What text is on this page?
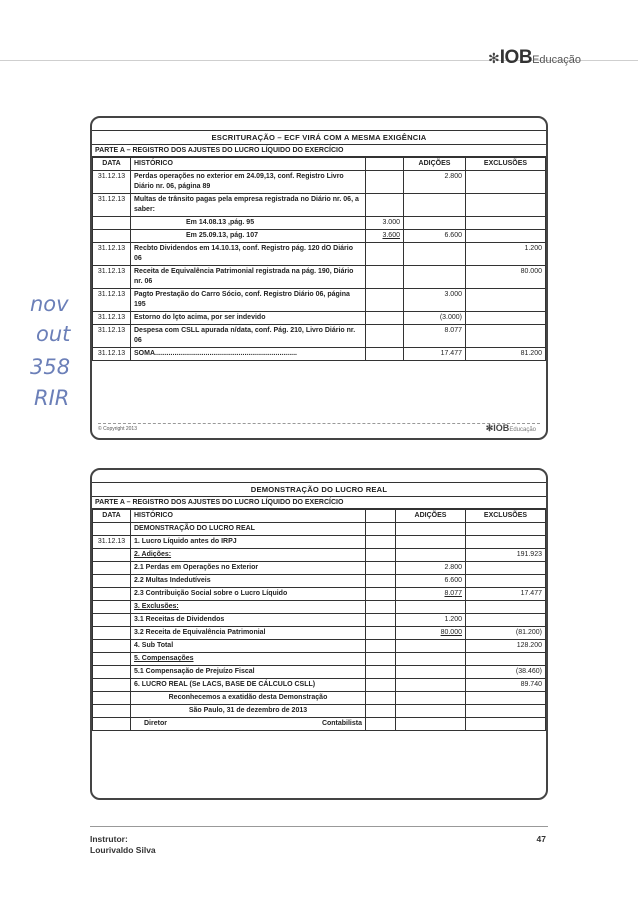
✻IOBEducação
nov
out
358
RIR
ESCRITURAÇÃO – ECF VIRÁ COM A MESMA EXIGÊNCIA
PARTE A – REGISTRO DOS AJUSTES DO LUCRO LÍQUIDO DO EXERCÍCIO
DATA	HISTÓRICO		ADIÇÕES	EXCLUSÕES
31.12.13	Perdas operações no exterior em 24.09,13, conf. Registro Livro Diário nr. 06, página 89		2.800	
31.12.13	Multas de trânsito pagas pela empresa registrada no Diário nr. 06, a saber:			
	Em 14.08.13 ,pág. 95	3.000		
	Em 25.09.13, pág. 107	3.600	6.600	
31.12.13	Recbto Dividendos em 14.10.13, conf. Registro pág. 120 dO Diário 06			1.200
31.12.13	Receita de Equivalência Patrimonial registrada na pág. 190, Diário nr. 06			80.000
31.12.13	Pagto Prestação do Carro Sócio, conf. Registro Diário 06, página 195		3.000	
31.12.13	Estorno do lçto acima, por ser indevido		(3.000)	
31.12.13	Despesa com CSLL apurada n/data, conf. Pág. 210, Livro Diário nr. 06		8.077	
31.12.13	SOMA.........................................................................		17.477	81.200
© Copyright 2013	✻IOBEducação
DEMONSTRAÇÃO DO LUCRO REAL
PARTE A – REGISTRO DOS AJUSTES DO LUCRO LÍQUIDO DO EXERCÍCIO
DATA	HISTÓRICO		ADIÇÕES	EXCLUSÕES
	DEMONSTRAÇÃO DO LUCRO REAL			
31.12.13	1. Lucro Líquido antes do IRPJ			
	2. Adições:			191.923
	2.1 Perdas em Operações no Exterior		2.800	
	2.2 Multas Indedutíveis		6.600	
	2.3 Contribuição Social sobre o Lucro Líquido		8.077	17.477
	3. Exclusões:			
	3.1 Receitas de Dividendos		1.200	
	3.2 Receita de Equivalência Patrimonial		80.000	(81.200)
	4. Sub Total			128.200
	5. Compensações			
	5.1 Compensação de Prejuízo Fiscal			(38.460)
	6. LUCRO REAL (Se LACS, BASE DE CÁLCULO CSLL)			89.740
	Reconhecemos a exatidão desta Demonstração			
	São Paulo, 31 de dezembro de 2013			
	Diretor Contabilista			

Instrutor:
Lourivaldo Silva
47
